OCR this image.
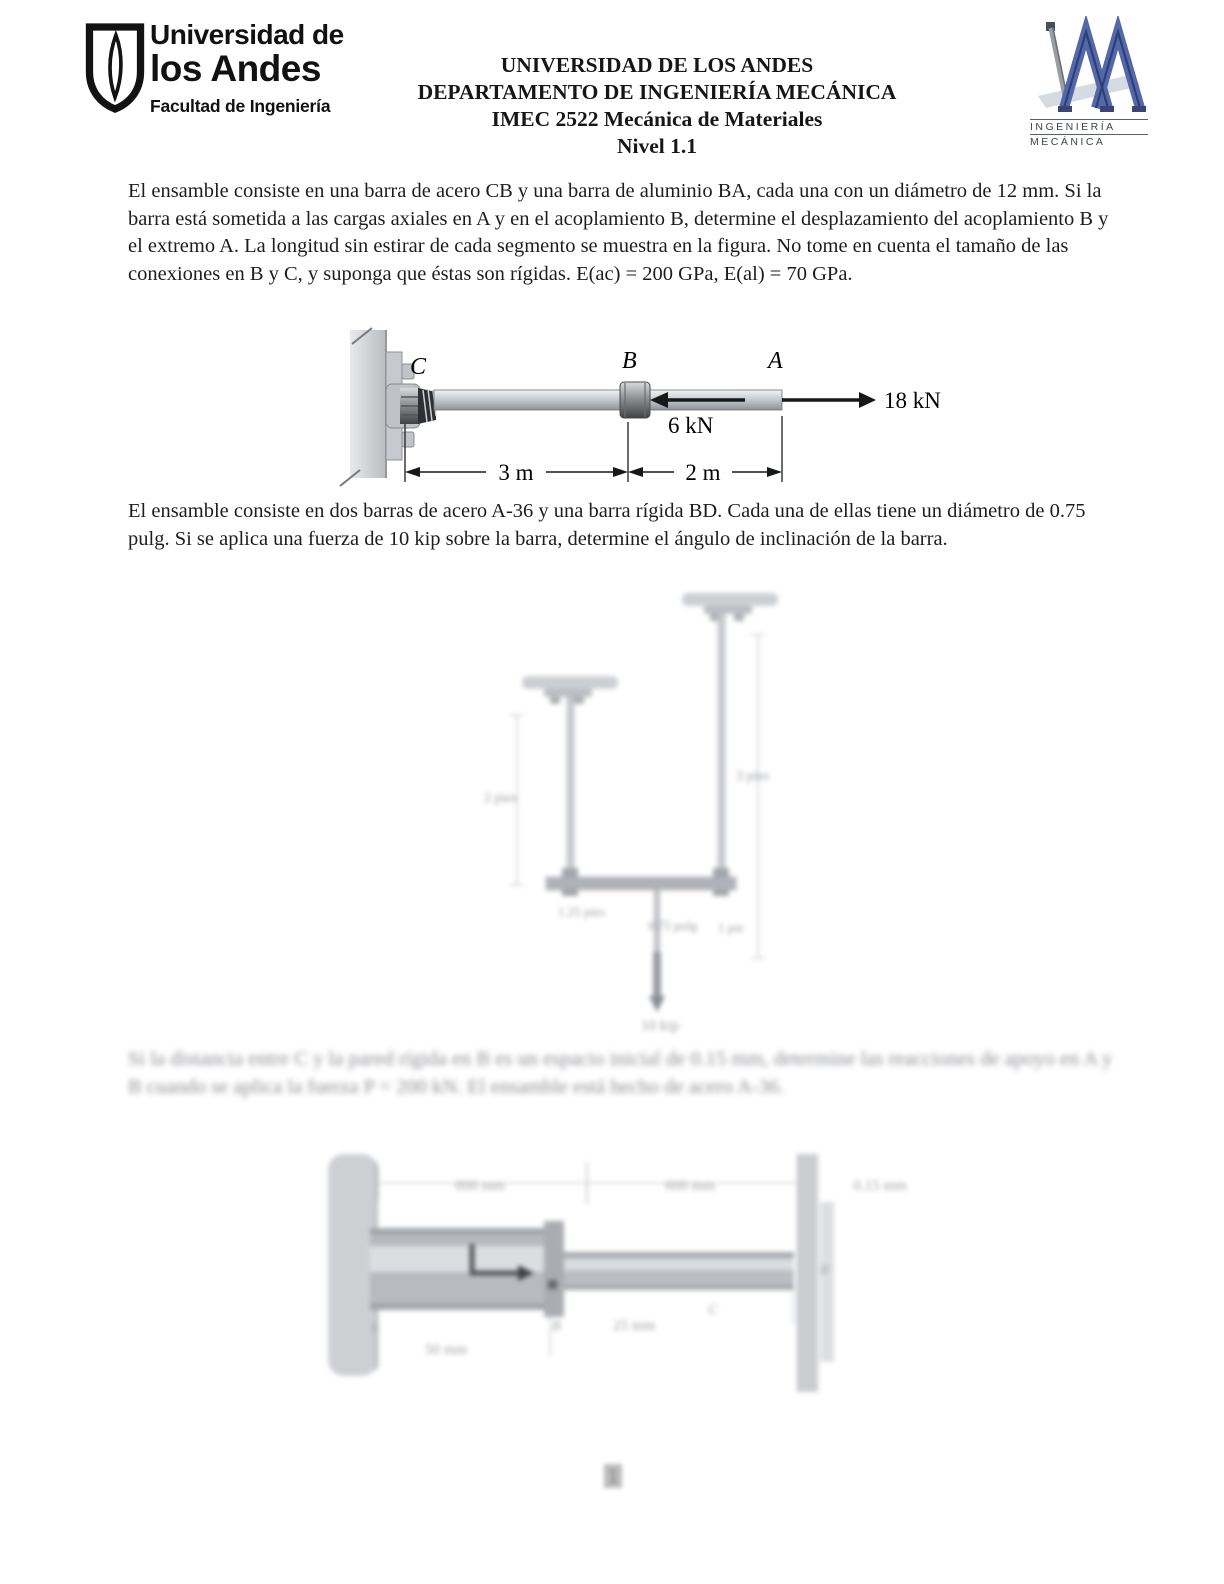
Universidad de
los Andes
Facultad de Ingeniería
UNIVERSIDAD DE LOS ANDES
DEPARTAMENTO DE INGENIERÍA MECÁNICA
IMEC 2522 Mecánica de Materiales
Nivel 1.1
INGENIERÍA
MECÁNICA
El ensamble consiste en una barra de acero CB y una barra de aluminio BA, cada una con un diámetro de 12 mm. Si la barra está sometida a las cargas axiales en A y en el acoplamiento B, determine el desplazamiento del acoplamiento B y el extremo A. La longitud sin estirar de cada segmento se muestra en la figura. No tome en cuenta el tamaño de las conexiones en B y C, y suponga que éstas son rígidas. E(ac) = 200 GPa, E(al) = 70 GPa.
C	B	A
6 kN
18 kN
3 m	2 m
El ensamble consiste en dos barras de acero A-36 y una barra rígida BD. Cada una de ellas tiene un diámetro de 0.75 pulg. Si se aplica una fuerza de 10 kip sobre la barra, determine el ángulo de inclinación de la barra.
10 kip
2 pies
3 pies
1.25 pies
0.75 pulg 1 pie
Si la distancia entre C y la pared rígida en B es un espacio inicial de 0.15 mm, determine las reacciones de apoyo en A y B cuando se aplica la fuerza P = 200 kN. El ensamble está hecho de acero A-36.
600 mm	600 mm	0.15 mm
A
50 mm
B	25 mm
C
B'
1
